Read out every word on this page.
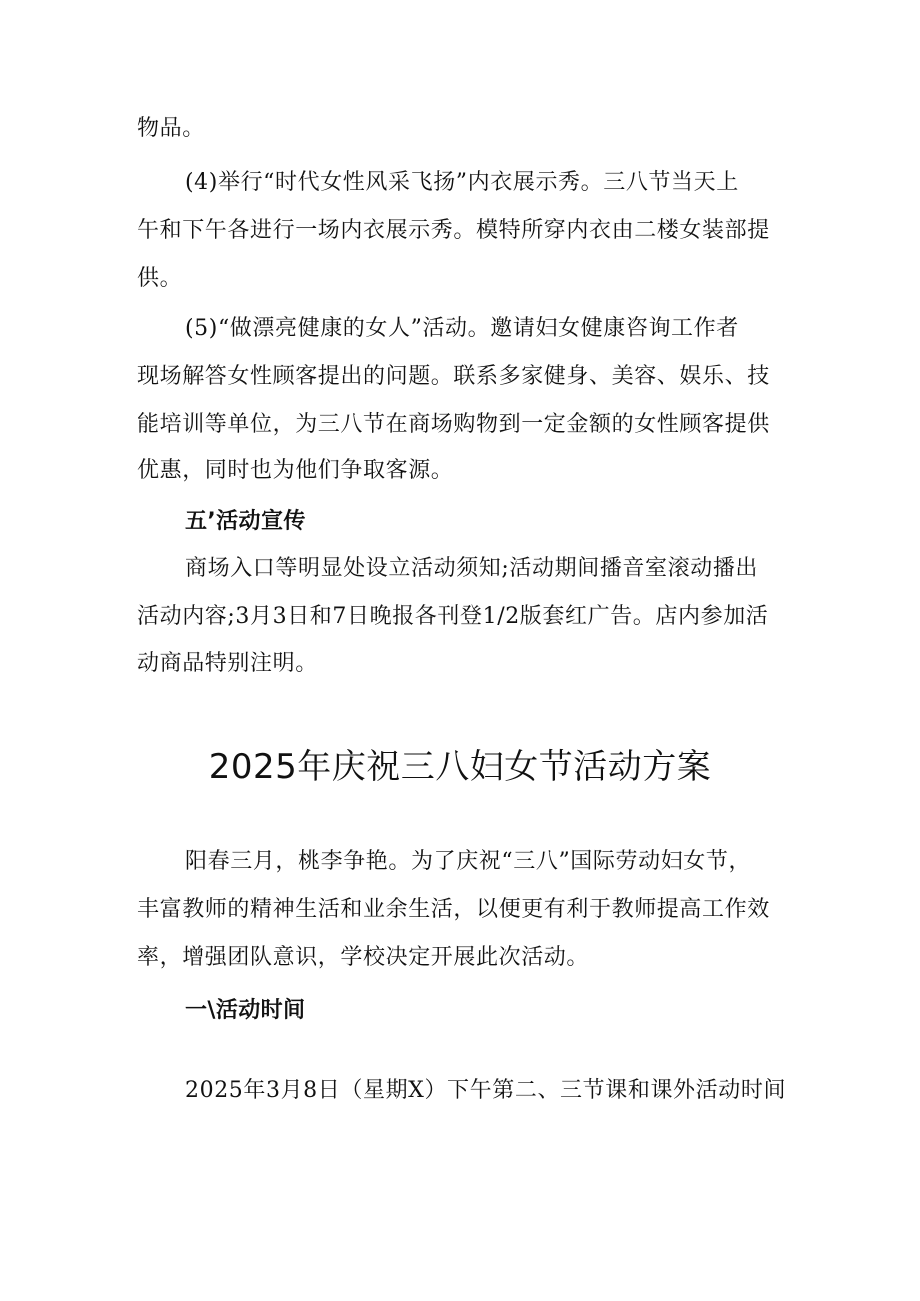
物品。
(4)举行“时代女性风采飞扬”内衣展示秀。三八节当天上
午和下午各进行一场内衣展示秀。模特所穿内衣由二楼女装部提
供。
(5)“做漂亮健康的女人”活动。邀请妇女健康咨询工作者
现场解答女性顾客提出的问题。联系多家健身、美容、娱乐、技
能培训等单位，为三八节在商场购物到一定金额的女性顾客提供
优惠，同时也为他们争取客源。
五’活动宣传
商场入口等明显处设立活动须知;活动期间播音室滚动播出
活动内容;3月3日和7日晚报各刊登1/2版套红广告。店内参加活
动商品特别注明。
2025年庆祝三八妇女节活动方案
阳春三月，桃李争艳。为了庆祝“三八”国际劳动妇女节，
丰富教师的精神生活和业余生活，以便更有利于教师提高工作效
率，增强团队意识，学校决定开展此次活动。
一\活动时间
2025年3月8日（星期X）下午第二、三节课和课外活动时间
